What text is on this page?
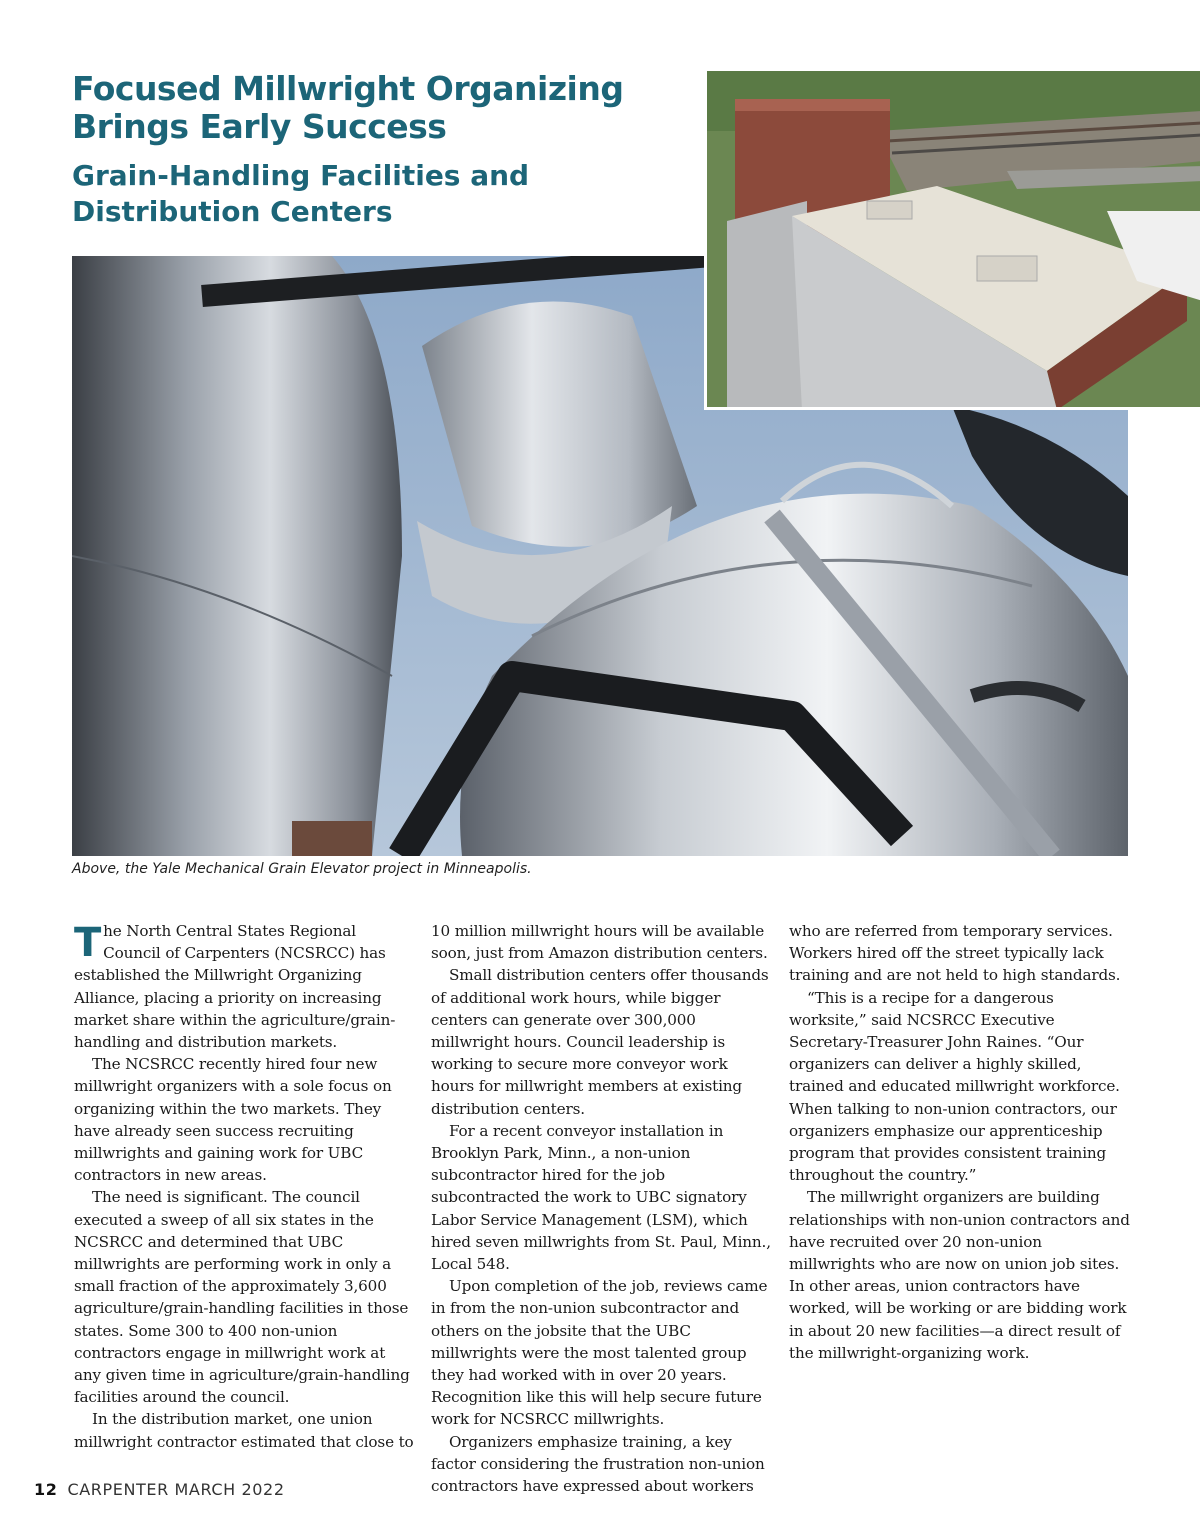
Focused Millwright Organizing Brings Early Success
Grain-Handling Facilities and Distribution Centers

Above, the Yale Mechanical Grain Elevator project in Minneapolis.

The North Central States Regional Council of Carpenters (NCSRCC) has established the Millwright Organizing Alliance, placing a priority on increasing market share within the agriculture/grain-handling and distribution markets.

The NCSRCC recently hired four new millwright organizers with a sole focus on organizing within the two markets. They have already seen success recruiting millwrights and gaining work for UBC contractors in new areas.

The need is significant. The council executed a sweep of all six states in the NCSRCC and determined that UBC millwrights are performing work in only a small fraction of the approximately 3,600 agriculture/grain-handling facilities in those states. Some 300 to 400 non-union contractors engage in millwright work at any given time in agriculture/grain-handling facilities around the council.

In the distribution market, one union millwright contractor estimated that close to

10 million millwright hours will be available soon, just from Amazon distribution centers.

Small distribution centers offer thousands of additional work hours, while bigger centers can generate over 300,000 millwright hours. Council leadership is working to secure more conveyor work hours for millwright members at existing distribution centers.

For a recent conveyor installation in Brooklyn Park, Minn., a non-union subcontractor hired for the job subcontracted the work to UBC signatory Labor Service Management (LSM), which hired seven millwrights from St. Paul, Minn., Local 548.

Upon completion of the job, reviews came in from the non-union subcontractor and others on the jobsite that the UBC millwrights were the most talented group they had worked with in over 20 years. Recognition like this will help secure future work for NCSRCC millwrights.

Organizers emphasize training, a key factor considering the frustration non-union contractors have expressed about workers

who are referred from temporary services. Workers hired off the street typically lack training and are not held to high standards.

“This is a recipe for a dangerous worksite,” said NCSRCC Executive Secretary-Treasurer John Raines. “Our organizers can deliver a highly skilled, trained and educated millwright workforce. When talking to non-union contractors, our organizers emphasize our apprenticeship program that provides consistent training throughout the country.”

The millwright organizers are building relationships with non-union contractors and have recruited over 20 non-union millwrights who are now on union job sites. In other areas, union contractors have worked, will be working or are bidding work in about 20 new facilities—a direct result of the millwright-organizing work.

12 CARPENTER MARCH 2022
